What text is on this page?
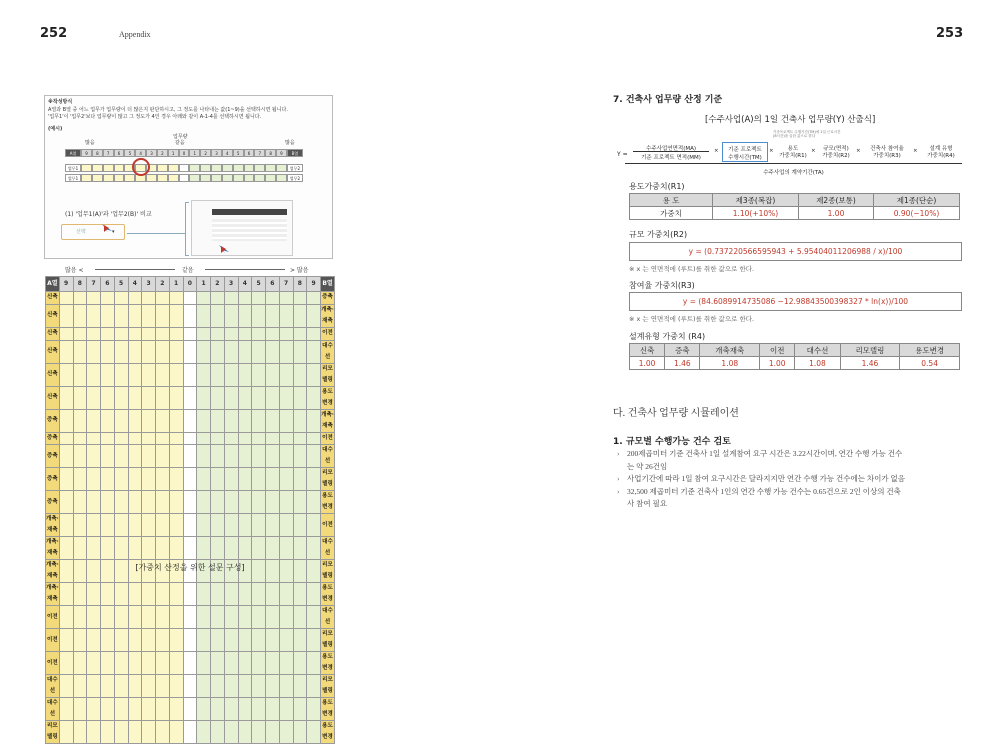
252	Appendix
※작성방식
A열과 B열 중 어느 업무가 업무량이 더 많은지 판단하시고, 그 정도를 나타내는 값(1~9)을 선택하시면 됩니다.
'업무1'이 '업무2'보다 업무량이 많고 그 정도가 4인 경우 아래와 같이 A-1-4를 선택하시면 됩니다.
(예시)
업무량
같음
많음	많음
A열	9	8	7	6	5	4	3	2	1	0	1	2	3	4	5	6	7	8	9	B열
업무1	업무2
업무1	업무2
(1) '업무1(A)'과 '업무2(B)' 비교
선택	▾
많음 <	같음	> 많음
A열	9	8	7	6	5	4	3	2	1	0	1	2	3	4	5	6	7	8	9	B열
신축																				증축
신축																				개축·재축
신축																				이전
신축																				대수선
신축																				리모델링
신축																				용도변경
증축																				개축·재축
증축																				이전
증축																				대수선
증축																				리모델링
증축																				용도변경
개축·재축																				이전
개축·재축																				대수선
개축·재축																				리모델링
개축·재축																				용도변경
이전																				대수선
이전																				리모델링
이전																				용도변경
대수선																				리모델링
대수선																				용도변경
리모델링																				용도변경
[가중치 산정을 위한 설문 구성]
253
7. 건축사 업무량 산정 기준
[수주사업(A)의 1일 건축사 업무량(Y) 산출식]
Y =
수주사업연면적(MA)
기준 프로젝트 면적(MM)
×
기준프로젝트 수행기간(TM)에 1일 근로시간(8시간)을 곱한 값으로 한다
기준 프로젝트
수행시간(TM)
×	용도
가중치(R1)
×	규모(면적)
가중치(R2)
×	건축사 참여율
가중치(R3)
×	설계 유형
가중치(R4)
수주사업의 계약기간(TA)
용도가중치(R1)
용 도	제3종(복잡)	제2종(보통)	제1종(단순)
가중치	1.10(+10%)	1.00	0.90(−10%)
규모 가중치(R2)
y = (0.737220566595943 + 5.95404011206988 / x)/100
※ x 는 연면적에 (루트)를 취한 값으로 한다.
참여율 가중치(R3)
y = (84.6089914735086 −12.98843500398327 * ln(x))/100
※ x 는 연면적에 (루트)를 취한 값으로 한다.
설계유형 가중치 (R4)
신축	증축	개축재축	이전	대수선	리모델링	용도변경
1.00	1.46	1.08	1.00	1.08	1.46	0.54
다. 건축사 업무량 시뮬레이션
1. 규모별 수행가능 건수 검토
› 200제곱미터 기준 건축사 1일 설계참여 요구 시간은 3.22시간이며, 연간 수행 가능 건수
는 약 26건임
› 사업기간에 따라 1일 참여 요구시간은 달라지지만 연간 수행 가능 건수에는 차이가 없음
› 32,500 제곱미터 기준 건축사 1인의 연간 수행 가능 건수는 0.65건으로 2인 이상의 건축
사 참여 필요
